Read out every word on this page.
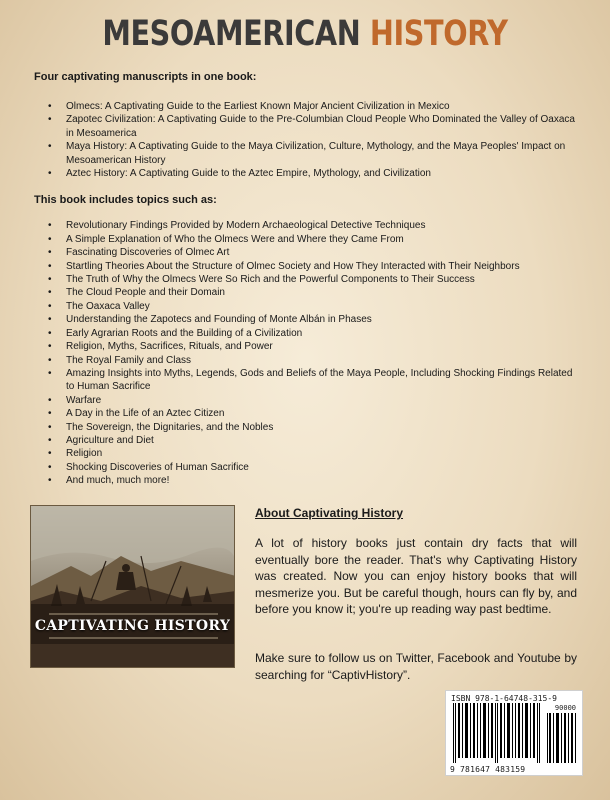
MESOAMERICAN HISTORY

Four captivating manuscripts in one book:

• Olmecs: A Captivating Guide to the Earliest Known Major Ancient Civilization in Mexico
• Zapotec Civilization: A Captivating Guide to the Pre-Columbian Cloud People Who Dominated the Valley of Oaxaca in Mesoamerica
• Maya History: A Captivating Guide to the Maya Civilization, Culture, Mythology, and the Maya Peoples' Impact on Mesoamerican History
• Aztec History: A Captivating Guide to the Aztec Empire, Mythology, and Civilization

This book includes topics such as:

• Revolutionary Findings Provided by Modern Archaeological Detective Techniques
• A Simple Explanation of Who the Olmecs Were and Where they Came From
• Fascinating Discoveries of Olmec Art
• Startling Theories About the Structure of Olmec Society and How They Interacted with Their Neighbors
• The Truth of Why the Olmecs Were So Rich and the Powerful Components to Their Success
• The Cloud People and their Domain
• The Oaxaca Valley
• Understanding the Zapotecs and Founding of Monte Albán in Phases
• Early Agrarian Roots and the Building of a Civilization
• Religion, Myths, Sacrifices, Rituals, and Power
• The Royal Family and Class
• Amazing Insights into Myths, Legends, Gods and Beliefs of the Maya People, Including Shocking Findings Related to Human Sacrifice
• Warfare
• A Day in the Life of an Aztec Citizen
• The Sovereign, the Dignitaries, and the Nobles
• Agriculture and Diet
• Religion
• Shocking Discoveries of Human Sacrifice
• And much, much more!
CAPTIVATING HISTORY
About Captivating History

A lot of history books just contain dry facts that will eventually bore the reader. That's why Captivating History was created. Now you can enjoy history books that will mesmerize you. But be careful though, hours can fly by, and before you know it; you're up reading way past bedtime.

Make sure to follow us on Twitter, Facebook and Youtube by searching for “CaptivHistory”.

ISBN 978-1-64748-315-9
90000
9 781647 483159
